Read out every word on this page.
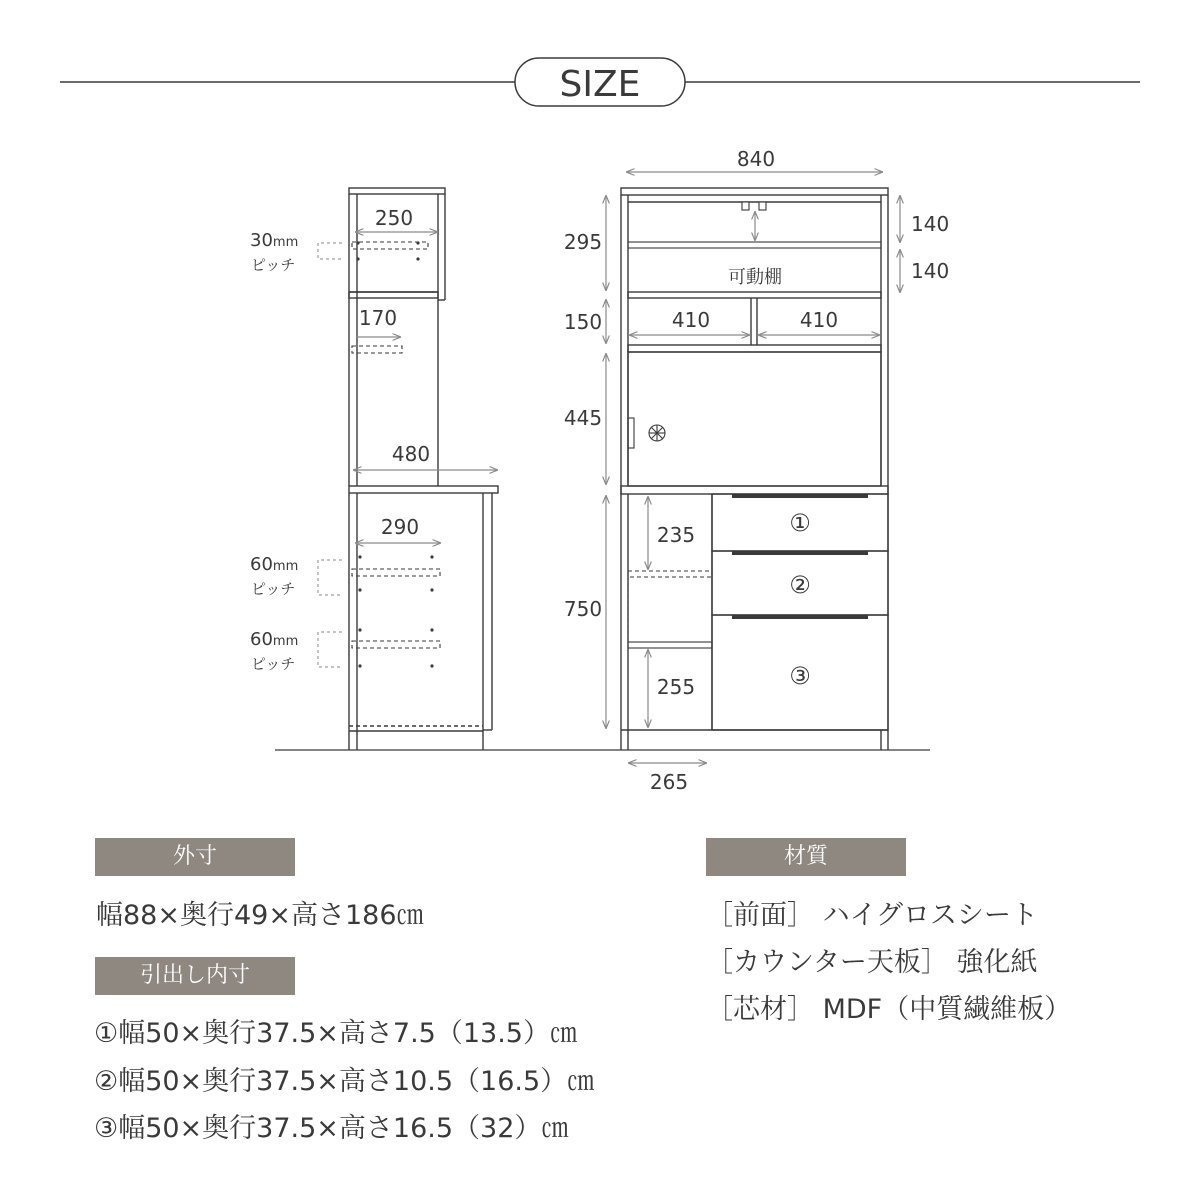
SIZE
250
170
480
290
30mm
ピッチ
60mm
ピッチ
60mm
ピッチ
840
295
150
445
750
140
140
可動棚
410	410
235
255
265
①
②
③
外寸
幅88×奥行49×高さ186㎝
引出し内寸
①幅50×奥行37.5×高さ7.5（13.5）㎝
②幅50×奥行37.5×高さ10.5（16.5）㎝
③幅50×奥行37.5×高さ16.5（32）㎝
材質
［前面］ ハイグロスシート
［カウンター天板］ 強化紙
［芯材］ MDF（中質繊維板）
